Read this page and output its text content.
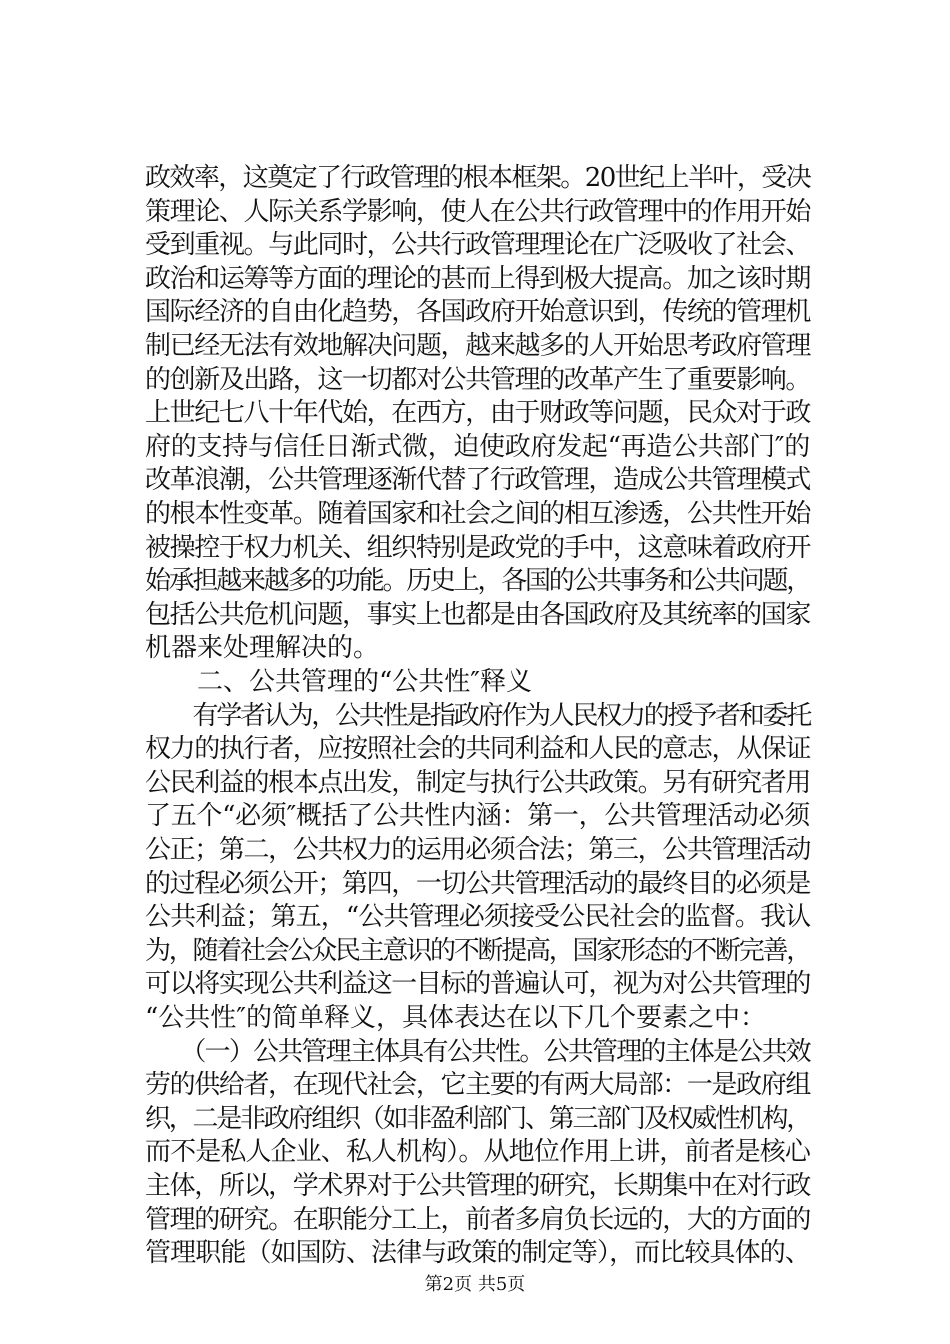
政效率，这奠定了行政管理的根本框架。20世纪上半叶，受决
策理论、人际关系学影响，使人在公共行政管理中的作用开始
受到重视。与此同时，公共行政管理理论在广泛吸收了社会、
政治和运筹等方面的理论的甚而上得到极大提高。加之该时期
国际经济的自由化趋势，各国政府开始意识到，传统的管理机
制已经无法有效地解决问题，越来越多的人开始思考政府管理
的创新及出路，这一切都对公共管理的改革产生了重要影响。
上世纪七八十年代始，在西方，由于财政等问题，民众对于政
府的支持与信任日渐式微，迫使政府发起“再造公共部门″的
改革浪潮，公共管理逐渐代替了行政管理，造成公共管理模式
的根本性变革。随着国家和社会之间的相互渗透，公共性开始
被操控于权力机关、组织特别是政党的手中，这意味着政府开
始承担越来越多的功能。历史上，各国的公共事务和公共问题，
包括公共危机问题，事实上也都是由各国政府及其统率的国家
机器来处理解决的。
　　二、公共管理的“公共性″释义
　　有学者认为，公共性是指政府作为人民权力的授予者和委托
权力的执行者，应按照社会的共同利益和人民的意志，从保证
公民利益的根本点出发，制定与执行公共政策。另有研究者用
了五个“必须″概括了公共性内涵：第一，公共管理活动必须
公正；第二，公共权力的运用必须合法；第三，公共管理活动
的过程必须公开；第四，一切公共管理活动的最终目的必须是
公共利益；第五，“公共管理必须接受公民社会的监督。我认
为，随着社会公众民主意识的不断提高，国家形态的不断完善，
可以将实现公共利益这一目标的普遍认可，视为对公共管理的
“公共性″的简单释义，具体表达在以下几个要素之中：
　　（一）公共管理主体具有公共性。公共管理的主体是公共效
劳的供给者，在现代社会，它主要的有两大局部：一是政府组
织，二是非政府组织（如非盈利部门、第三部门及权威性机构，
而不是私人企业、私人机构）。从地位作用上讲，前者是核心
主体，所以，学术界对于公共管理的研究，长期集中在对行政
管理的研究。在职能分工上，前者多肩负长远的，大的方面的
管理职能（如国防、法律与政策的制定等），而比较具体的、
第2页 共5页
